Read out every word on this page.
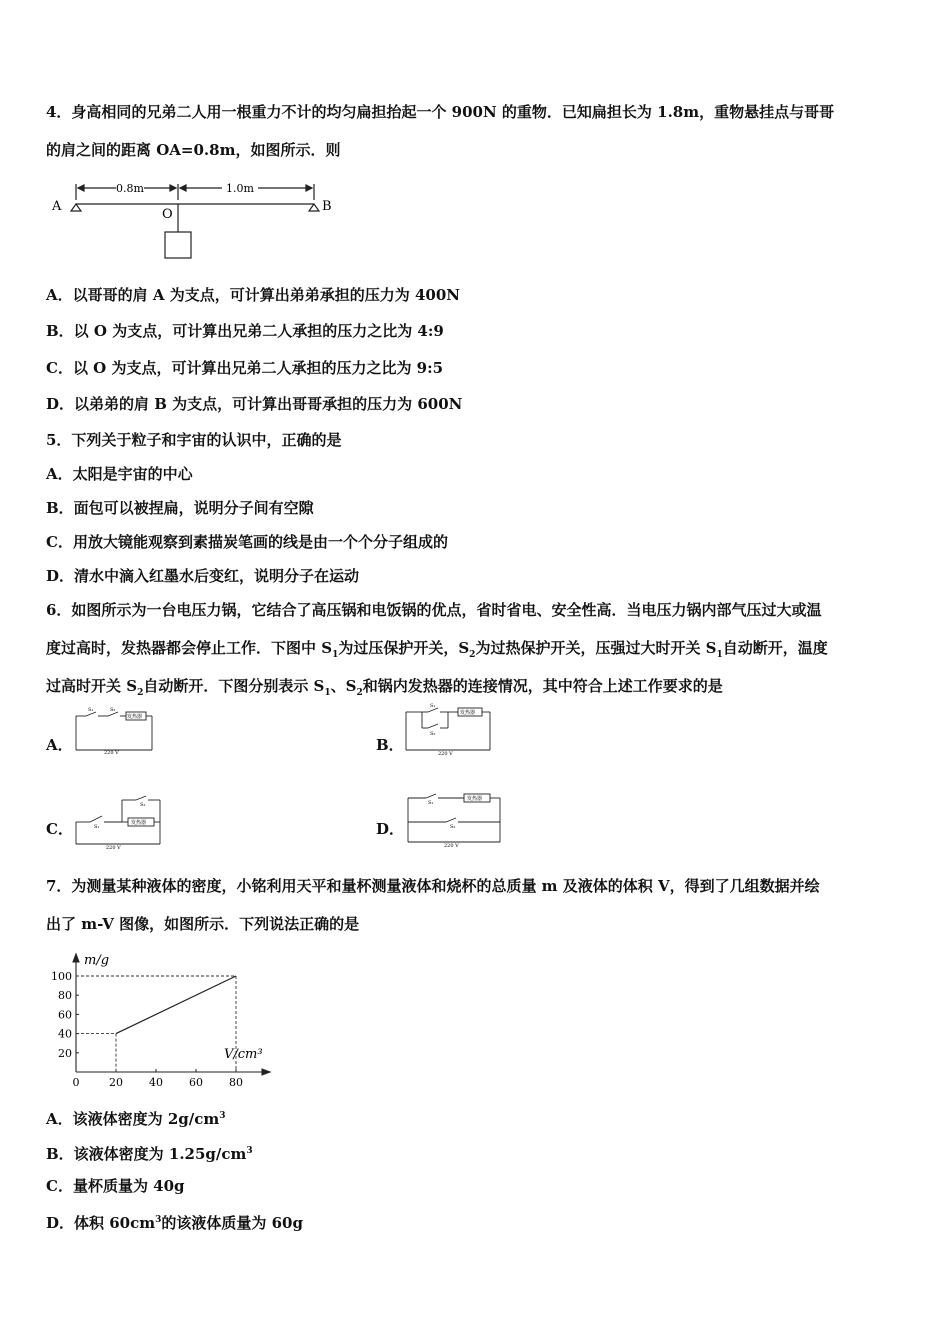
4．身高相同的兄弟二人用一根重力不计的均匀扁担抬起一个 900N 的重物．已知扁担长为 1.8m，重物悬挂点与哥哥
的肩之间的距离 OA=0.8m，如图所示．则
0.8m	1.0m
A
O
B
A．以哥哥的肩 A 为支点，可计算出弟弟承担的压力为 400N
B．以 O 为支点，可计算出兄弟二人承担的压力之比为 4:9
C．以 O 为支点，可计算出兄弟二人承担的压力之比为 9:5
D．以弟弟的肩 B 为支点，可计算出哥哥承担的压力为 600N
5．下列关于粒子和宇宙的认识中，正确的是
A．太阳是宇宙的中心
B．面包可以被捏扁，说明分子间有空隙
C．用放大镜能观察到素描炭笔画的线是由一个个分子组成的
D．清水中滴入红墨水后变红，说明分子在运动
6．如图所示为一台电压力锅，它结合了高压锅和电饭锅的优点，省时省电、安全性高．当电压力锅内部气压过大或温
度过高时，发热器都会停止工作．下图中 $S_1$为过压保护开关，$S_2$为过热保护开关，压强过大时开关 $S_1$自动断开，温度
过高时开关 $S_2$自动断开．下图分别表示 $S_1$、$S_2$和锅内发热器的连接情况，其中符合上述工作要求的是
A．	B．
C．	D．
S₁	S₂
发热器
220 V
S₁
S₂
发热器
220 V
S₁
S₂
发热器
220 V
S₁
S₂
发热器
220 V
7．为测量某种液体的密度，小铭利用天平和量杯测量液体和烧杯的总质量 m 及液体的体积 V，得到了几组数据并绘
出了 m-V 图像，如图所示．下列说法正确的是
0	20 40 60 80
20
40
60
80
100
m/g
V/cm³
A．该液体密度为 $2g/cm^3$
B．该液体密度为 $1.25g/cm^3$
C．量杯质量为 40g
D．体积 $60cm^3$的该液体质量为 60g
